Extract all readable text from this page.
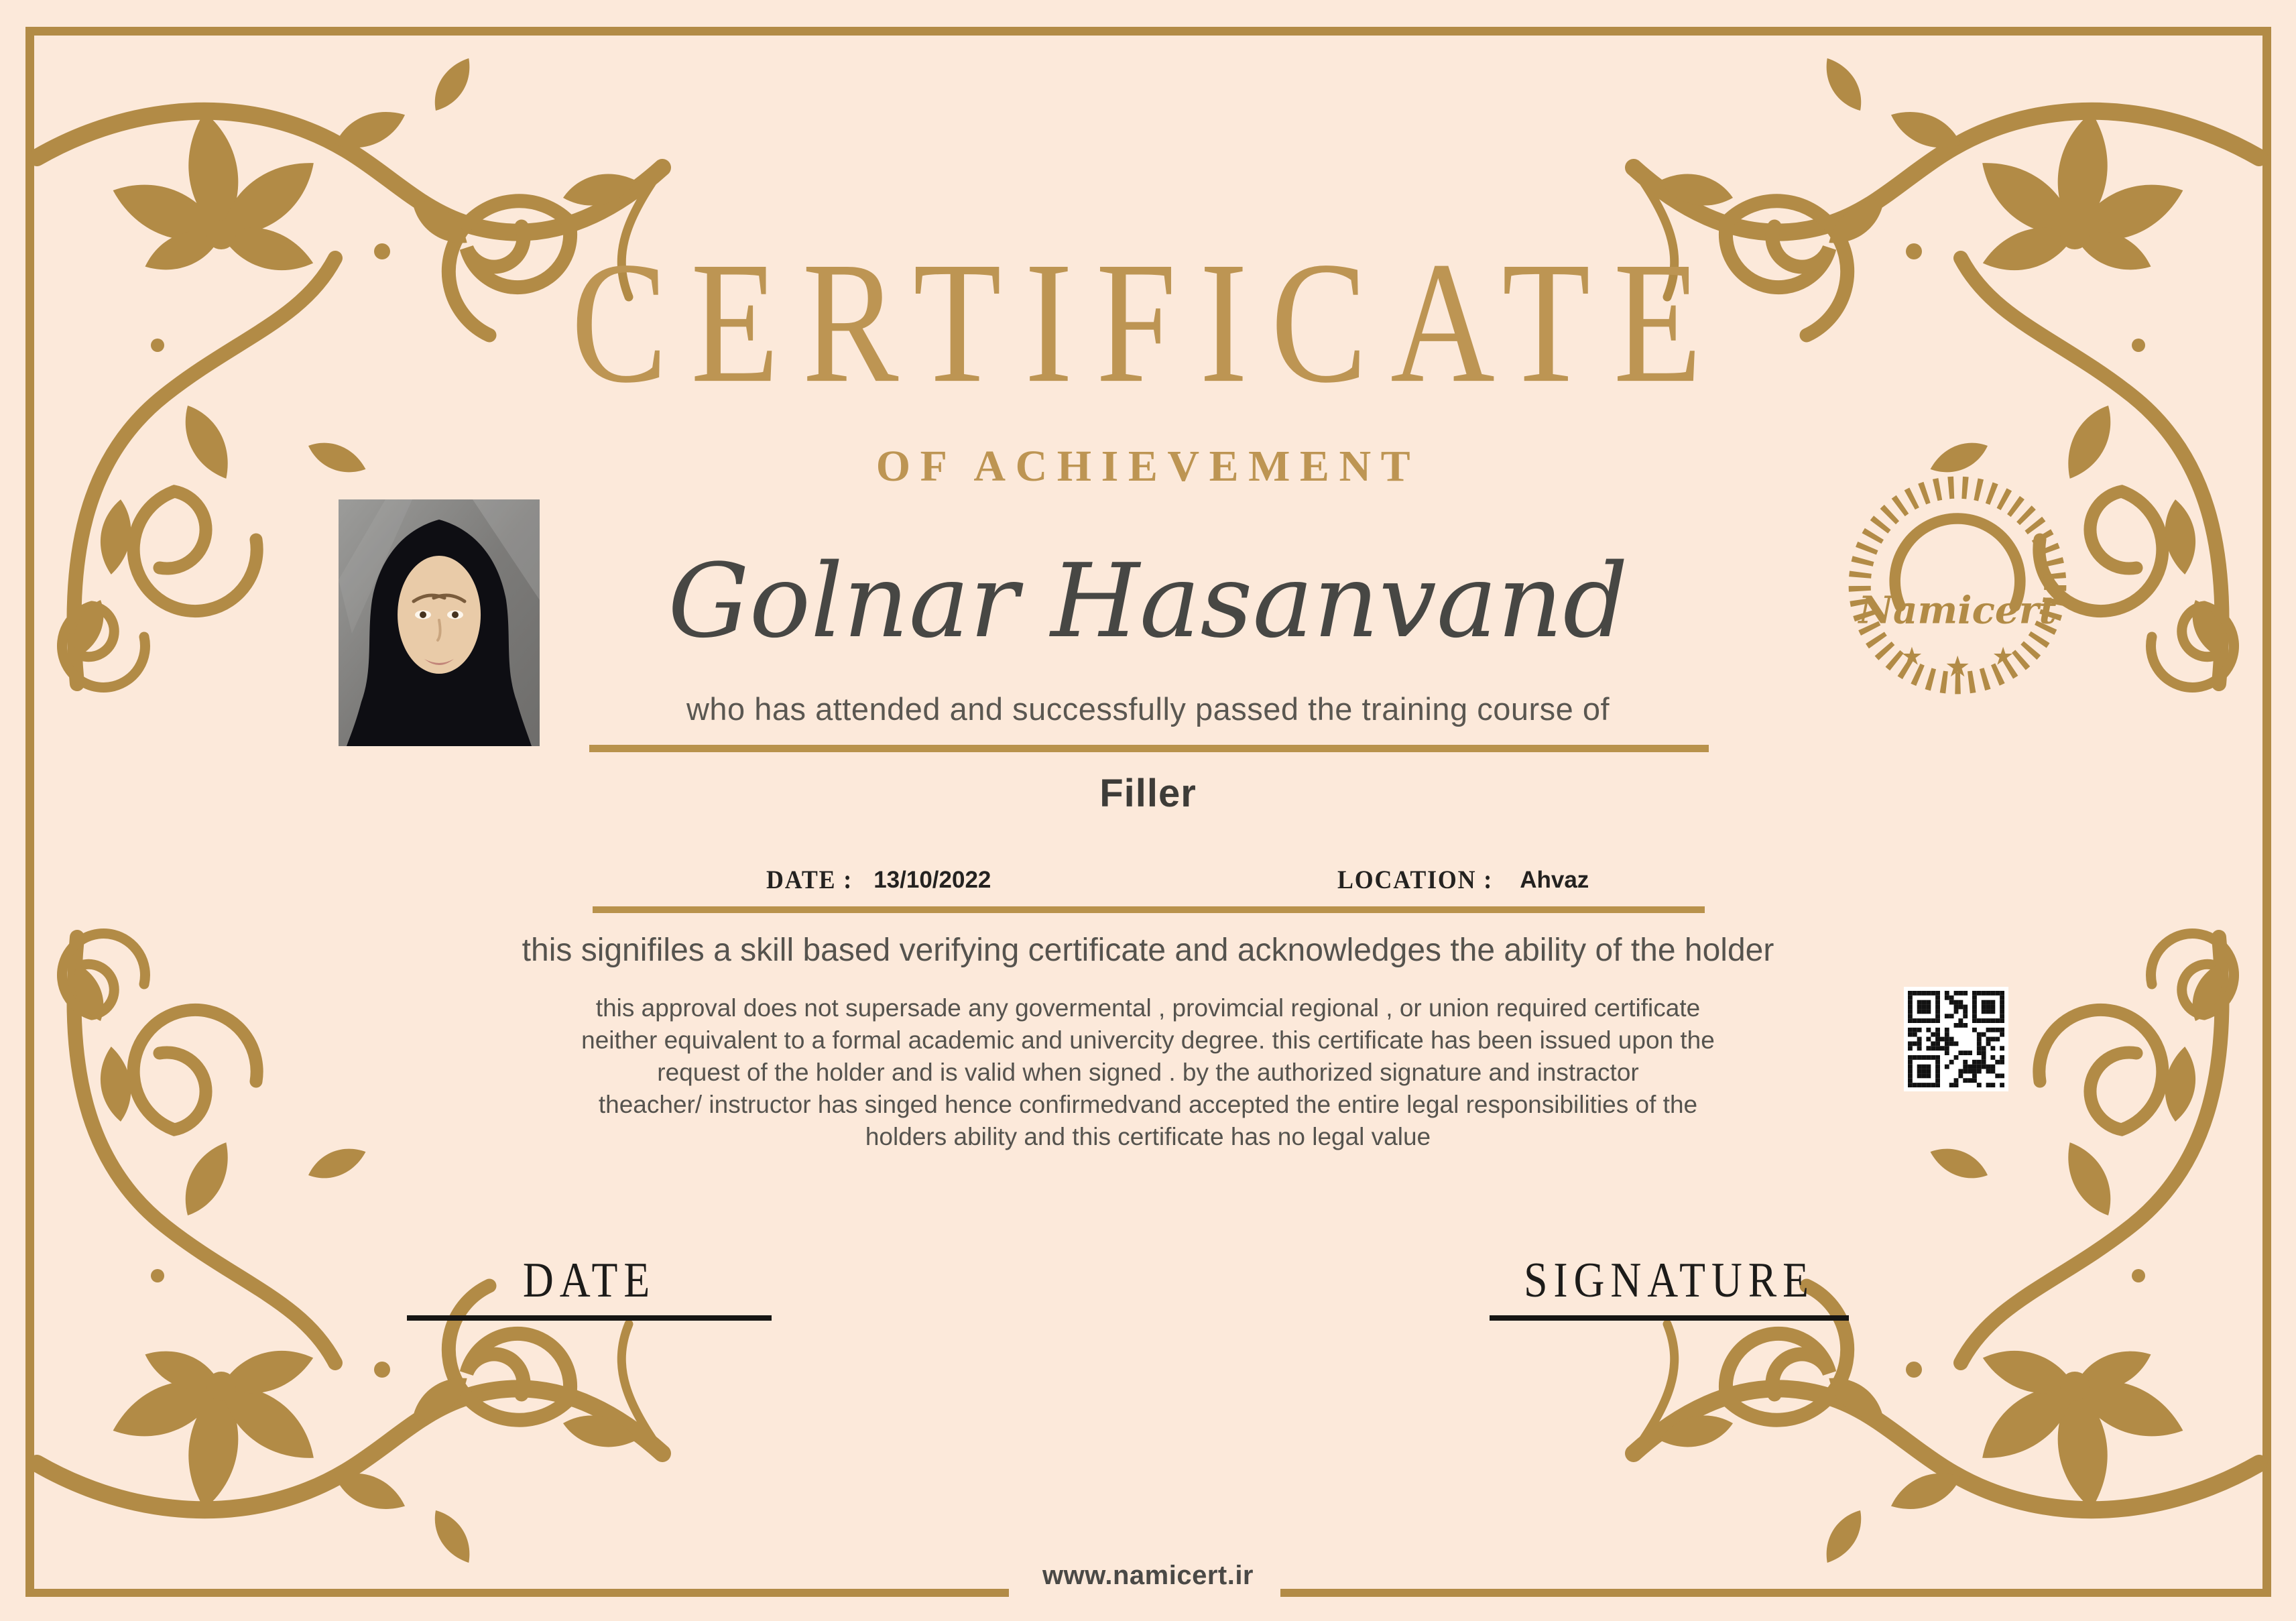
CERTIFICATE
OF ACHIEVEMENT
Namicert
★ ★ ★
Golnar Hasanvand
who has attended and successfully passed the training course of
Filler
DATE : 13/10/2022	LOCATION : Ahvaz
this signifiles a skill based verifying certificate and acknowledges the ability of the holder
this approval does not supersade any govermental , provimcial regional , or union required certificate
neither equivalent to a formal academic and univercity degree. this certificate has been issued upon the
request of the holder and is valid when signed . by the authorized signature and instractor
theacher/ instructor has singed hence confirmedvand accepted the entire legal responsibilities of the
holders ability and this certificate has no legal value
DATE	SIGNATURE
www.namicert.ir
